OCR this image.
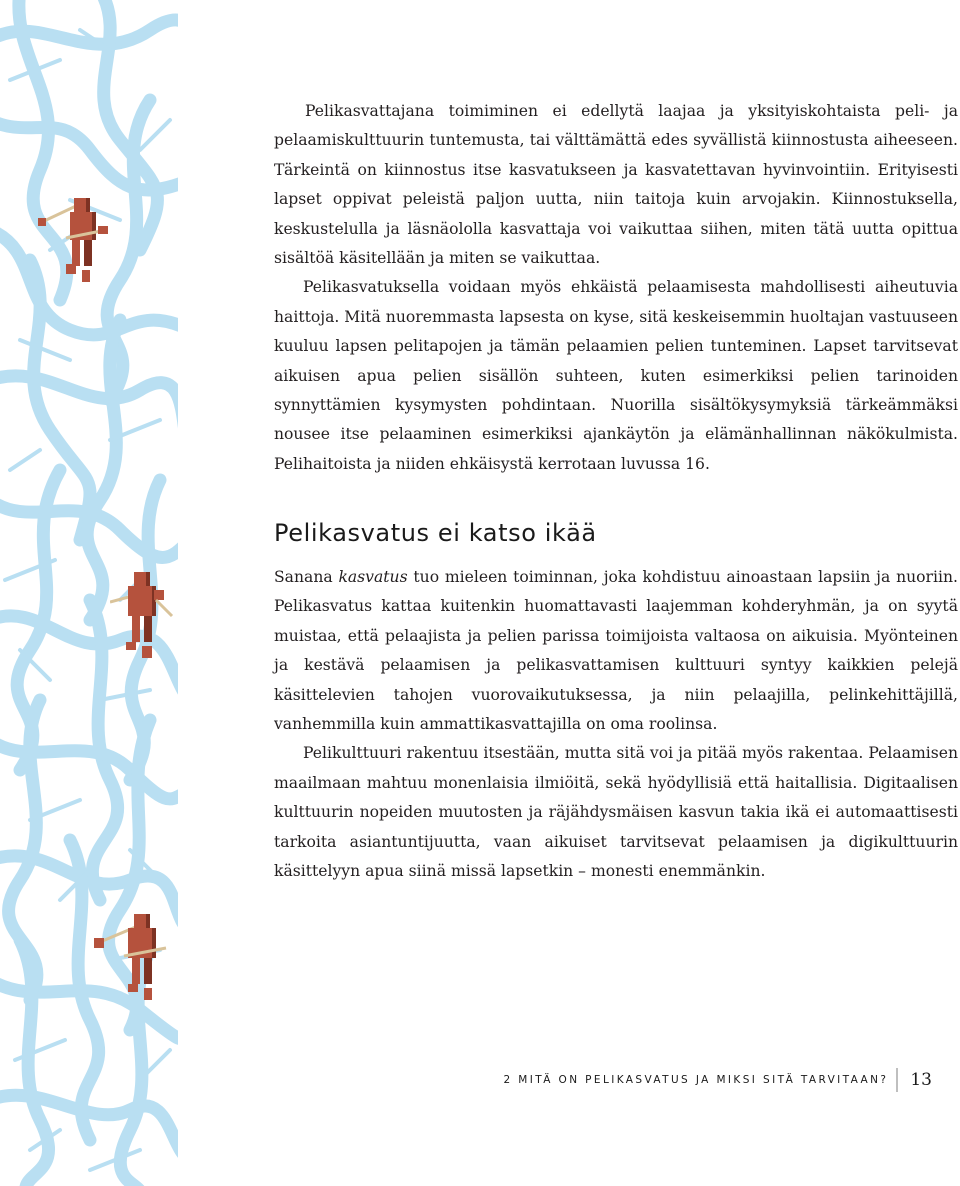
Pelikasvattajana toimiminen ei edellytä laajaa ja yksityiskohtaista peli- ja pelaamiskulttuurin tuntemusta, tai välttämättä edes syvällistä kiinnostusta aiheeseen. Tärkeintä on kiinnostus itse kasvatukseen ja kasvatettavan hyvinvointiin. Erityisesti lapset oppivat peleistä paljon uutta, niin taitoja kuin arvojakin. Kiinnostuksella, keskustelulla ja läsnäololla kasvattaja voi vaikuttaa siihen, miten tätä uutta opittua sisältöä käsitellään ja miten se vaikuttaa.

Pelikasvatuksella voidaan myös ehkäistä pelaamisesta mahdollisesti aiheutuvia haittoja. Mitä nuoremmasta lapsesta on kyse, sitä keskeisemmin huoltajan vastuuseen kuuluu lapsen pelitapojen ja tämän pelaamien pelien tunteminen. Lapset tarvitsevat aikuisen apua pelien sisällön suhteen, kuten esimerkiksi pelien tarinoiden synnyttämien kysymysten pohdintaan. Nuorilla sisältökysymyksiä tärkeämmäksi nousee itse pelaaminen esimerkiksi ajankäytön ja elämänhallinnan näkökulmista. Pelihaitoista ja niiden ehkäisystä kerrotaan luvussa 16.

Pelikasvatus ei katso ikää

Sanana kasvatus tuo mieleen toiminnan, joka kohdistuu ainoastaan lapsiin ja nuoriin. Pelikasvatus kattaa kuitenkin huomattavasti laajemman kohderyhmän, ja on syytä muistaa, että pelaajista ja pelien parissa toimijoista valtaosa on aikuisia. Myönteinen ja kestävä pelaamisen ja pelikasvattamisen kulttuuri syntyy kaikkien pelejä käsittelevien tahojen vuorovaikutuksessa, ja niin pelaajilla, pelinkehittäjillä, vanhemmilla kuin ammattikasvattajilla on oma roolinsa.

Pelikulttuuri rakentuu itsestään, mutta sitä voi ja pitää myös rakentaa. Pelaamisen maailmaan mahtuu monenlaisia ilmiöitä, sekä hyödyllisiä että haitallisia. Digitaalisen kulttuurin nopeiden muutosten ja räjähdysmäisen kasvun takia ikä ei automaattisesti tarkoita asiantuntijuutta, vaan aikuiset tarvitsevat pelaamisen ja digikulttuurin käsittelyyn apua siinä missä lapsetkin – monesti enemmänkin.

2 MITÄ ON PELIKASVATUS JA MIKSI SITÄ TARVITAAN? 13
